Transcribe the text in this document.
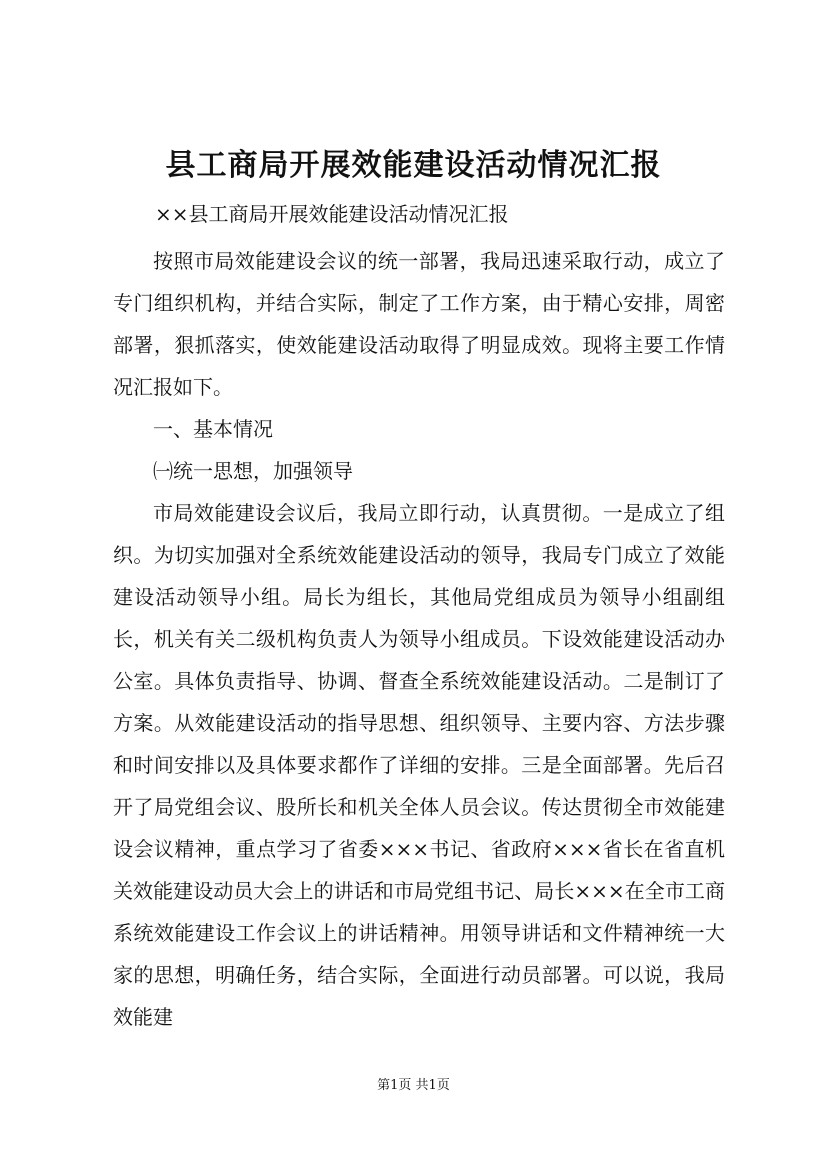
县工商局开展效能建设活动情况汇报

××县工商局开展效能建设活动情况汇报

按照市局效能建设会议的统一部署，我局迅速采取行动，成立了专门组织机构，并结合实际，制定了工作方案，由于精心安排，周密部署，狠抓落实，使效能建设活动取得了明显成效。现将主要工作情况汇报如下。

一、基本情况

㈠统一思想，加强领导

市局效能建设会议后，我局立即行动，认真贯彻。一是成立了组织。为切实加强对全系统效能建设活动的领导，我局专门成立了效能建设活动领导小组。局长为组长，其他局党组成员为领导小组副组长，机关有关二级机构负责人为领导小组成员。下设效能建设活动办公室。具体负责指导、协调、督查全系统效能建设活动。二是制订了方案。从效能建设活动的指导思想、组织领导、主要内容、方法步骤和时间安排以及具体要求都作了详细的安排。三是全面部署。先后召开了局党组会议、股所长和机关全体人员会议。传达贯彻全市效能建设会议精神，重点学习了省委×××书记、省政府×××省长在省直机关效能建设动员大会上的讲话和市局党组书记、局长×××在全市工商系统效能建设工作会议上的讲话精神。用领导讲话和文件精神统一大家的思想，明确任务，结合实际，全面进行动员部署。可以说，我局效能建

第1页 共1页
